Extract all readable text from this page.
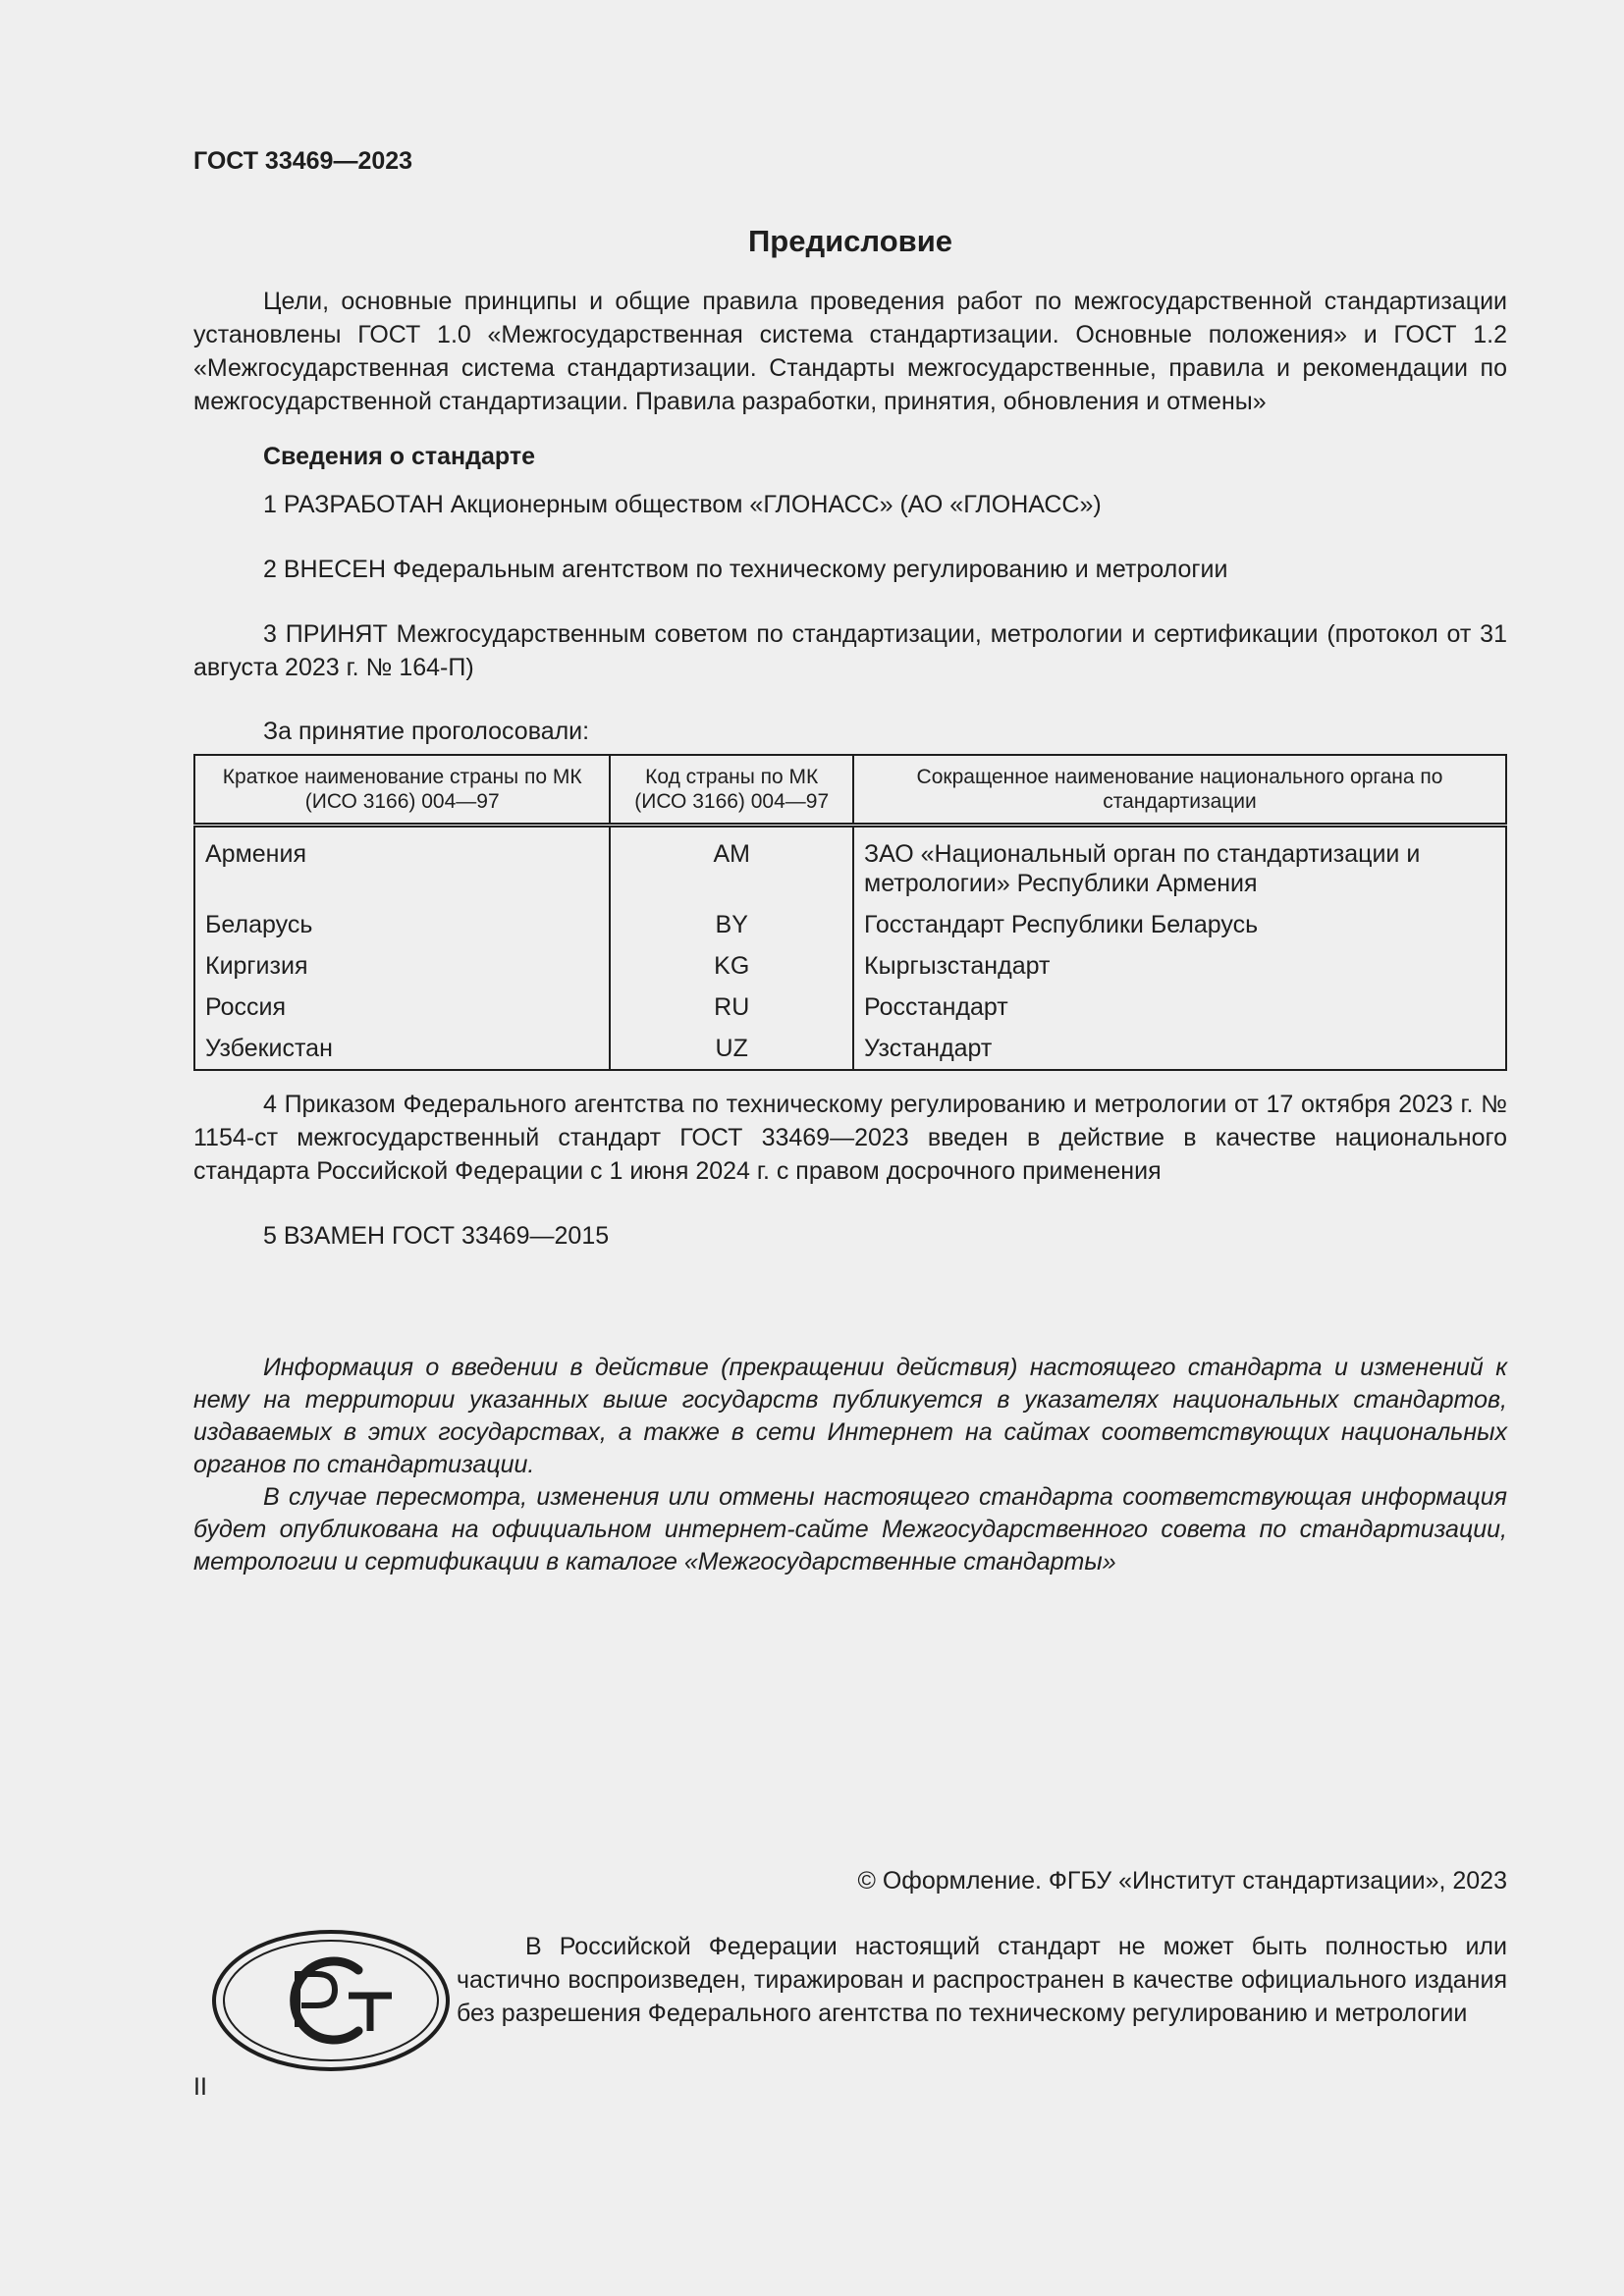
ГОСТ 33469—2023
Предисловие

Цели, основные принципы и общие правила проведения работ по межгосударственной стандартизации установлены ГОСТ 1.0 «Межгосударственная система стандартизации. Основные положения» и ГОСТ 1.2 «Межгосударственная система стандартизации. Стандарты межгосударственные, правила и рекомендации по межгосударственной стандартизации. Правила разработки, принятия, обновления и отмены»

Сведения о стандарте

1 РАЗРАБОТАН Акционерным обществом «ГЛОНАСС» (АО «ГЛОНАСС»)

2 ВНЕСЕН Федеральным агентством по техническому регулированию и метрологии

3 ПРИНЯТ Межгосударственным советом по стандартизации, метрологии и сертификации (протокол от 31 августа 2023 г. № 164-П)

За принятие проголосовали:

Краткое наименование страны по МК (ИСО 3166) 004—97	Код страны по МК (ИСО 3166) 004—97	Сокращенное наименование национального органа по стандартизации
Армения	AM	ЗАО «Национальный орган по стандартизации и метрологии» Республики Армения
Беларусь	BY	Госстандарт Республики Беларусь
Киргизия	KG	Кыргызстандарт
Россия	RU	Росстандарт
Узбекистан	UZ	Узстандарт

4 Приказом Федерального агентства по техническому регулированию и метрологии от 17 октября 2023 г. № 1154-ст межгосударственный стандарт ГОСТ 33469—2023 введен в действие в качестве национального стандарта Российской Федерации с 1 июня 2024 г. с правом досрочного применения

5 ВЗАМЕН ГОСТ 33469—2015

Информация о введении в действие (прекращении действия) настоящего стандарта и изменений к нему на территории указанных выше государств публикуется в указателях национальных стандартов, издаваемых в этих государствах, а также в сети Интернет на сайтах соответствующих национальных органов по стандартизации.

В случае пересмотра, изменения или отмены настоящего стандарта соответствующая информация будет опубликована на официальном интернет-сайте Межгосударственного совета по стандартизации, метрологии и сертификации в каталоге «Межгосударственные стандарты»

© Оформление. ФГБУ «Институт стандартизации», 2023

В Российской Федерации настоящий стандарт не может быть полностью или частично воспроизведен, тиражирован и распространен в качестве официального издания без разрешения Федерального агентства по техническому регулированию и метрологии

II
